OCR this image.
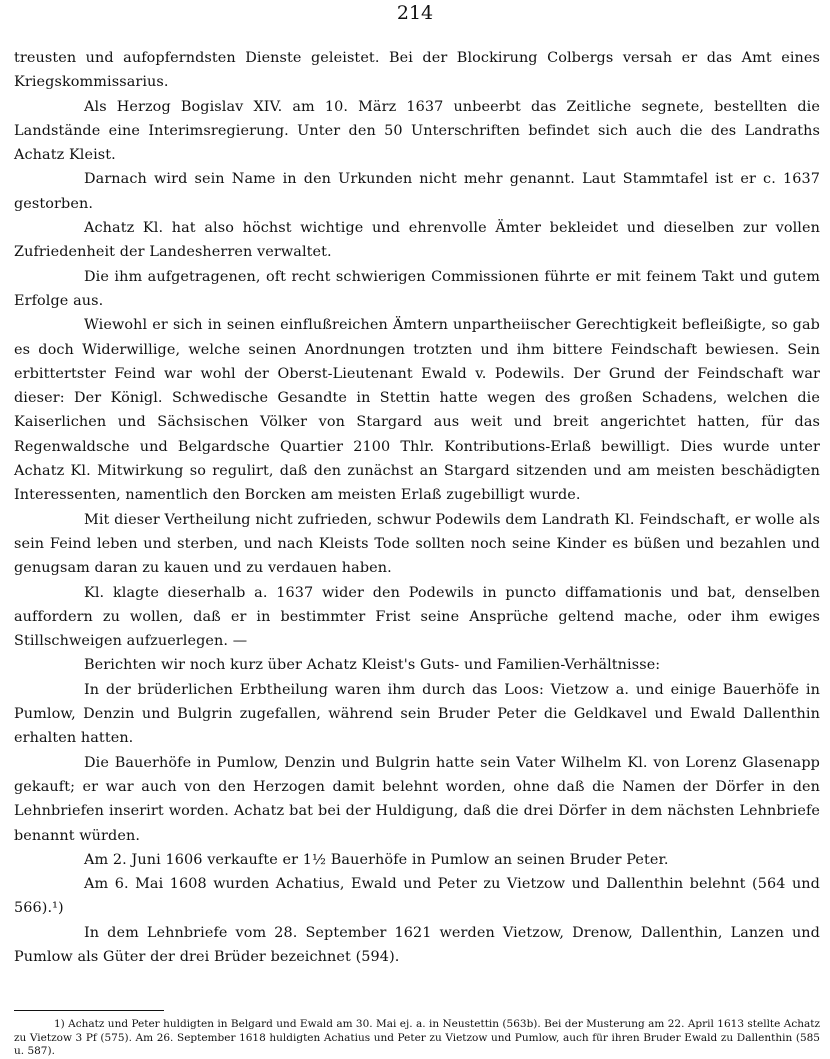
214

treusten und aufopferndsten Dienste geleistet. Bei der Blockirung Colbergs versah er das Amt eines Kriegskommissarius.

Als Herzog Bogislav XIV. am 10. März 1637 unbeerbt das Zeitliche segnete, bestellten die Landstände eine Interimsregierung. Unter den 50 Unterschriften befindet sich auch die des Landraths Achatz Kleist.

Darnach wird sein Name in den Urkunden nicht mehr genannt. Laut Stammtafel ist er c. 1637 gestorben.

Achatz Kl. hat also höchst wichtige und ehrenvolle Ämter bekleidet und dieselben zur vollen Zufriedenheit der Landesherren verwaltet.

Die ihm aufgetragenen, oft recht schwierigen Commissionen führte er mit feinem Takt und gutem Erfolge aus.

Wiewohl er sich in seinen einflußreichen Ämtern unpartheiischer Gerechtigkeit befleißigte, so gab es doch Widerwillige, welche seinen Anordnungen trotzten und ihm bittere Feindschaft bewiesen. Sein erbittertster Feind war wohl der Oberst-Lieutenant Ewald v. Podewils. Der Grund der Feindschaft war dieser: Der Königl. Schwedische Gesandte in Stettin hatte wegen des großen Schadens, welchen die Kaiserlichen und Sächsischen Völker von Stargard aus weit und breit angerichtet hatten, für das Regenwaldsche und Belgardsche Quartier 2100 Thlr. Kontributions-Erlaß bewilligt. Dies wurde unter Achatz Kl. Mitwirkung so regulirt, daß den zunächst an Stargard sitzenden und am meisten beschädigten Interessenten, namentlich den Borcken am meisten Erlaß zugebilligt wurde.

Mit dieser Vertheilung nicht zufrieden, schwur Podewils dem Landrath Kl. Feindschaft, er wolle als sein Feind leben und sterben, und nach Kleists Tode sollten noch seine Kinder es büßen und bezahlen und genugsam daran zu kauen und zu verdauen haben.

Kl. klagte dieserhalb a. 1637 wider den Podewils in puncto diffamationis und bat, denselben auffordern zu wollen, daß er in bestimmter Frist seine Ansprüche geltend mache, oder ihm ewiges Stillschweigen aufzuerlegen. —

Berichten wir noch kurz über Achatz Kleist's Guts- und Familien-Verhältnisse:

In der brüderlichen Erbtheilung waren ihm durch das Loos: Vietzow a. und einige Bauerhöfe in Pumlow, Denzin und Bulgrin zugefallen, während sein Bruder Peter die Geldkavel und Ewald Dallenthin erhalten hatten.

Die Bauerhöfe in Pumlow, Denzin und Bulgrin hatte sein Vater Wilhelm Kl. von Lorenz Glasenapp gekauft; er war auch von den Herzogen damit belehnt worden, ohne daß die Namen der Dörfer in den Lehnbriefen inserirt worden. Achatz bat bei der Huldigung, daß die drei Dörfer in dem nächsten Lehnbriefe benannt würden.

Am 2. Juni 1606 verkaufte er 1½ Bauerhöfe in Pumlow an seinen Bruder Peter.

Am 6. Mai 1608 wurden Achatius, Ewald und Peter zu Vietzow und Dallenthin belehnt (564 und 566).¹)

In dem Lehnbriefe vom 28. September 1621 werden Vietzow, Drenow, Dallenthin, Lanzen und Pumlow als Güter der drei Brüder bezeichnet (594).

1) Achatz und Peter huldigten in Belgard und Ewald am 30. Mai ej. a. in Neustettin (563b). Bei der Musterung am 22. April 1613 stellte Achatz zu Vietzow 3 Pf (575). Am 26. September 1618 huldigten Achatius und Peter zu Vietzow und Pumlow, auch für ihren Bruder Ewald zu Dallenthin (585 u. 587).
